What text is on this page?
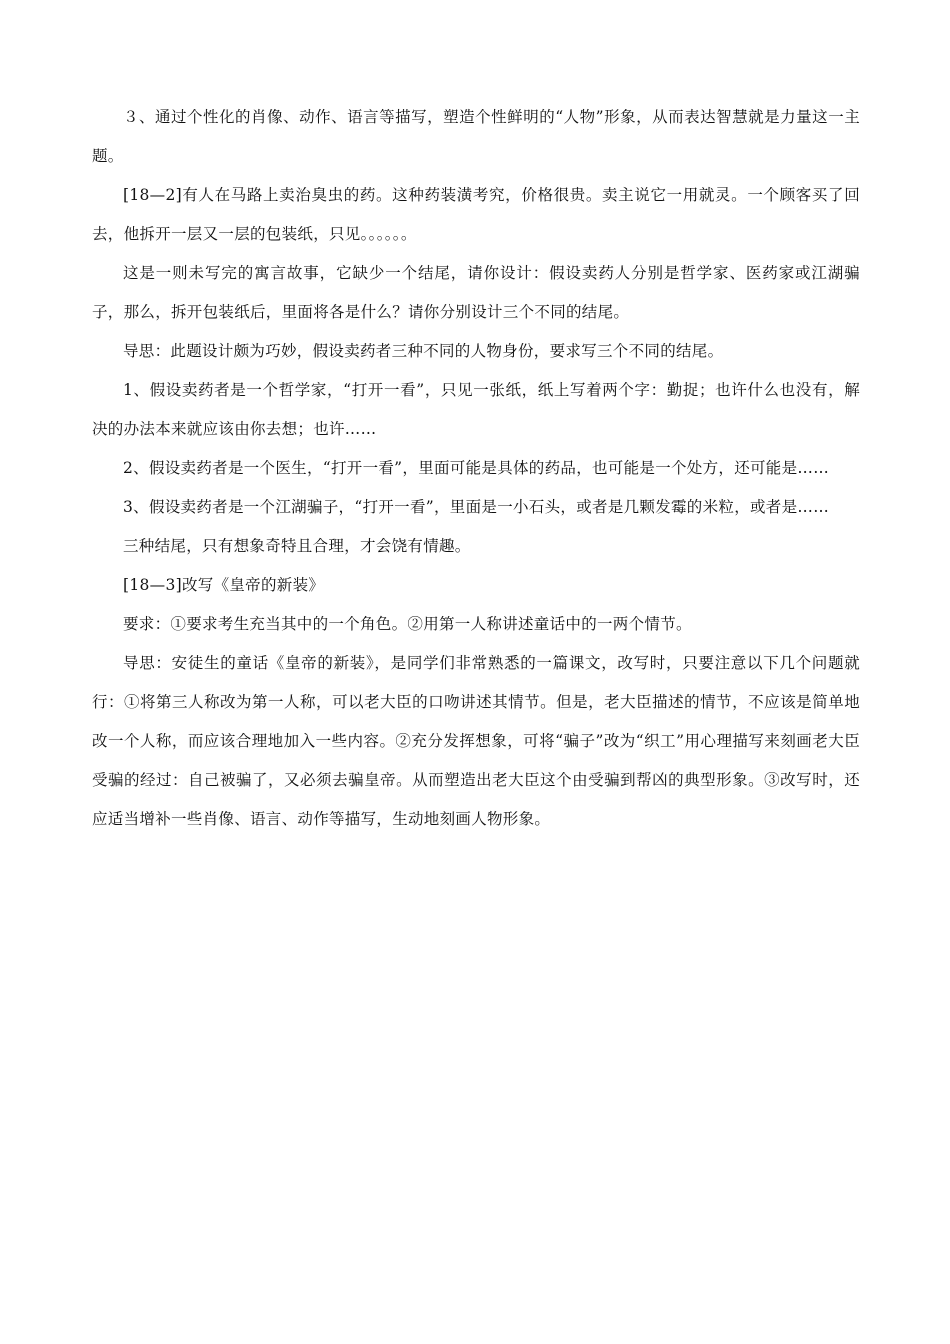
３、通过个性化的肖像、动作、语言等描写，塑造个性鲜明的“人物”形象，从而表达智慧就是力量这一主题。

[18—2]有人在马路上卖治臭虫的药。这种药装潢考究，价格很贵。卖主说它一用就灵。一个顾客买了回去，他拆开一层又一层的包装纸，只见。。。。。。

这是一则未写完的寓言故事，它缺少一个结尾，请你设计：假设卖药人分别是哲学家、医药家或江湖骗子，那么，拆开包装纸后，里面将各是什么？请你分别设计三个不同的结尾。

导思：此题设计颇为巧妙，假设卖药者三种不同的人物身份，要求写三个不同的结尾。

1、假设卖药者是一个哲学家，“打开一看”，只见一张纸，纸上写着两个字：勤捉；也许什么也没有，解决的办法本来就应该由你去想；也许……

2、假设卖药者是一个医生，“打开一看”，里面可能是具体的药品，也可能是一个处方，还可能是……

3、假设卖药者是一个江湖骗子，“打开一看”，里面是一小石头，或者是几颗发霉的米粒，或者是……

三种结尾，只有想象奇特且合理，才会饶有情趣。

[18—3]改写《皇帝的新装》

要求：①要求考生充当其中的一个角色。②用第一人称讲述童话中的一两个情节。

导思：安徒生的童话《皇帝的新装》，是同学们非常熟悉的一篇课文，改写时，只要注意以下几个问题就行：①将第三人称改为第一人称，可以老大臣的口吻讲述其情节。但是，老大臣描述的情节，不应该是简单地改一个人称，而应该合理地加入一些内容。②充分发挥想象，可将“骗子”改为“织工”用心理描写来刻画老大臣受骗的经过：自己被骗了，又必须去骗皇帝。从而塑造出老大臣这个由受骗到帮凶的典型形象。③改写时，还应适当增补一些肖像、语言、动作等描写，生动地刻画人物形象。
